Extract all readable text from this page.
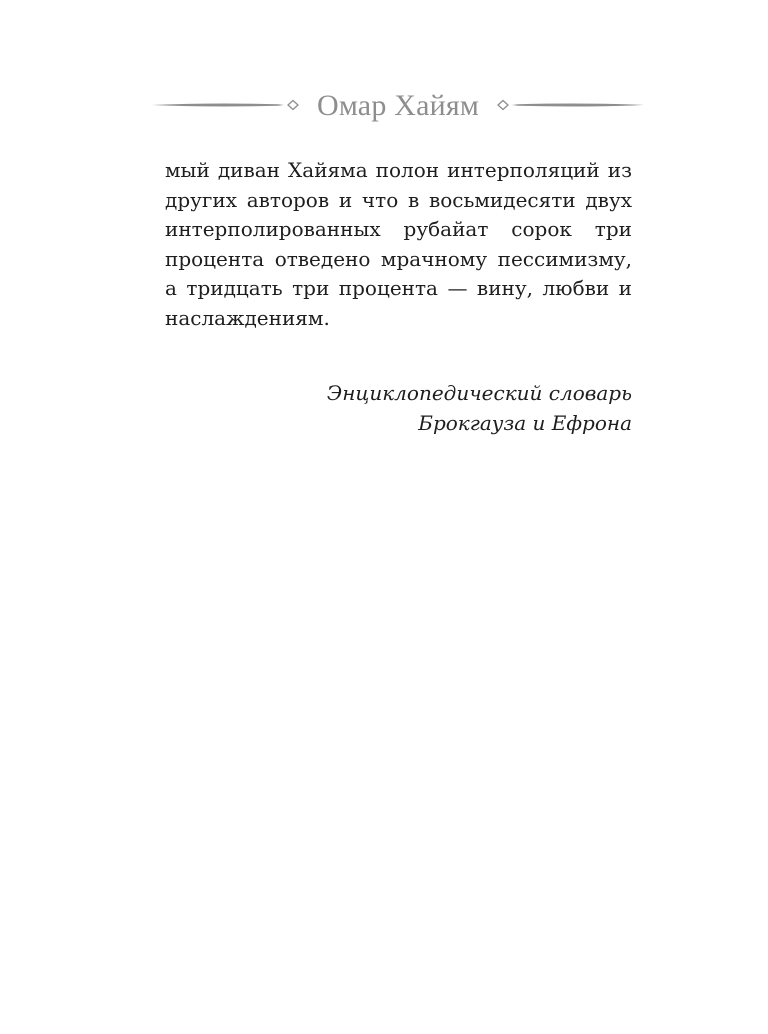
Омар Хайям

мый диван Хайяма полон интерполяций из других авторов и что в восьмидесяти двух интерполированных рубайат сорок три процента отведено мрачному пессимизму, а тридцать три процента — вину, любви и наслаждениям.

Энциклопедический словарь
Брокгауза и Ефрона
